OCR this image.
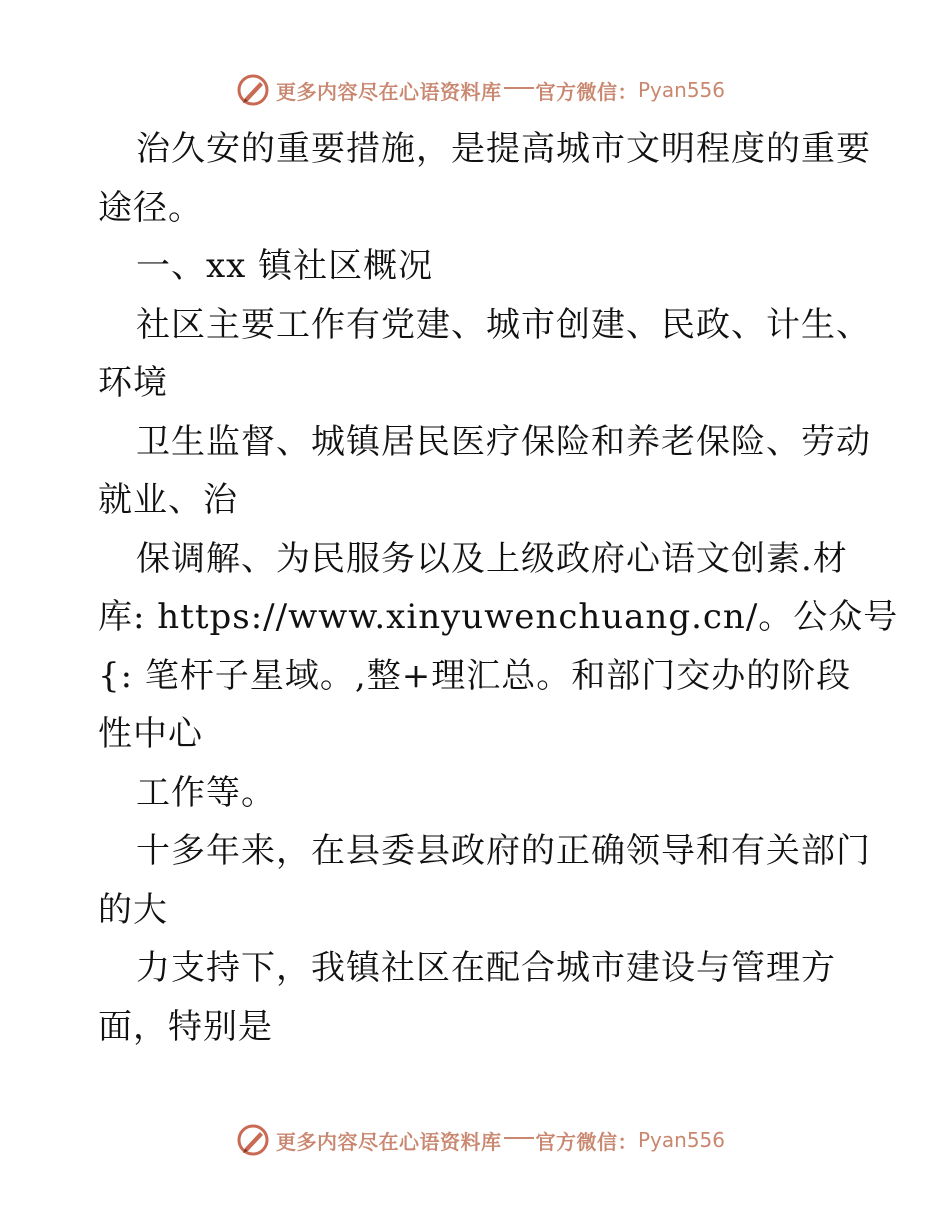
更多内容尽在心语资料库 官方微信： Pyan556
治久安的重要措施，是提高城市文明程度的重要
途径。
一、xx 镇社区概况
社区主要工作有党建、城市创建、民政、计生、
环境
卫生监督、城镇居民医疗保险和养老保险、劳动
就业、治
保调解、为民服务以及上级政府心语文创素.材
库: https://www.xinyuwenchuang.cn/。公众号
{: 笔杆子星域。,整+理汇总。和部门交办的阶段
性中心
工作等。
十多年来，在县委县政府的正确领导和有关部门
的大
力支持下，我镇社区在配合城市建设与管理方
面，特别是
更多内容尽在心语资料库 官方微信： Pyan556
